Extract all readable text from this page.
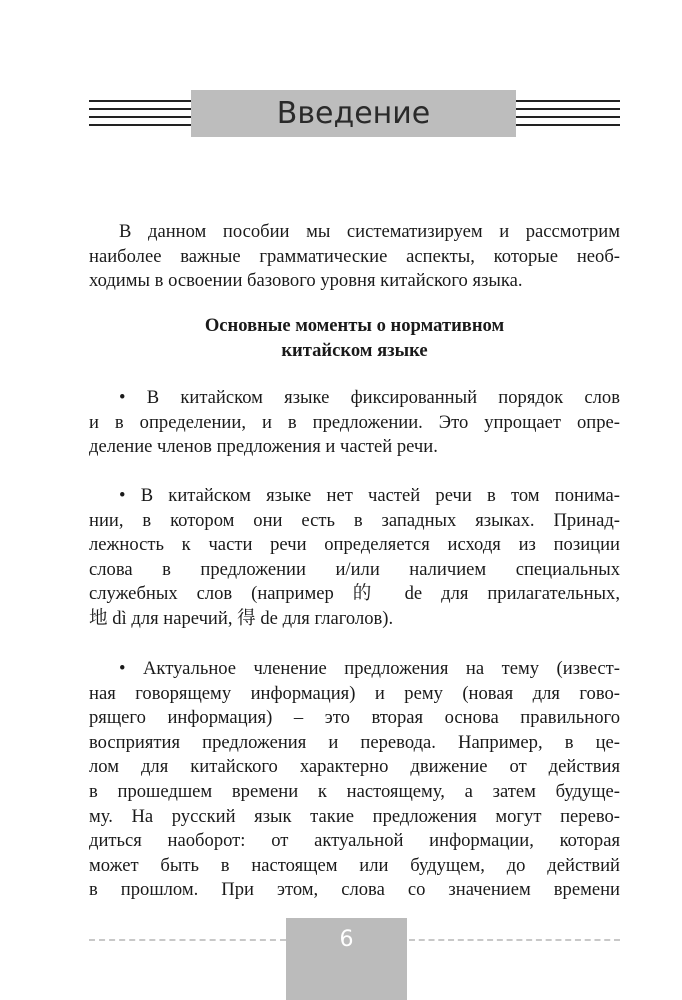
Введение
В данном пособии мы систематизируем и рассмотрим
наиболее важные грамматические аспекты, которые необ-
ходимы в освоении базового уровня китайского языка.
Основные моменты о нормативном
китайском языке
• В китайском языке фиксированный порядок слов
и в определении, и в предложении. Это упрощает опре-
деление членов предложения и частей речи.
• В китайском языке нет частей речи в том понима-
нии, в котором они есть в западных языках. Принад-
лежность к части речи определяется исходя из позиции
слова в предложении и/или наличием специальных
служебных слов (например 的 de для прилагательных,
地 dì для наречий, 得 de для глаголов).
• Актуальное членение предложения на тему (извест-
ная говорящему информация) и рему (новая для гово-
рящего информация) – это вторая основа правильного
восприятия предложения и перевода. Например, в це-
лом для китайского характерно движение от действия
в прошедшем времени к настоящему, а затем будуще-
му. На русский язык такие предложения могут перево-
диться наоборот: от актуальной информации, которая
может быть в настоящем или будущем, до действий
в прошлом. При этом, слова со значением времени
6
